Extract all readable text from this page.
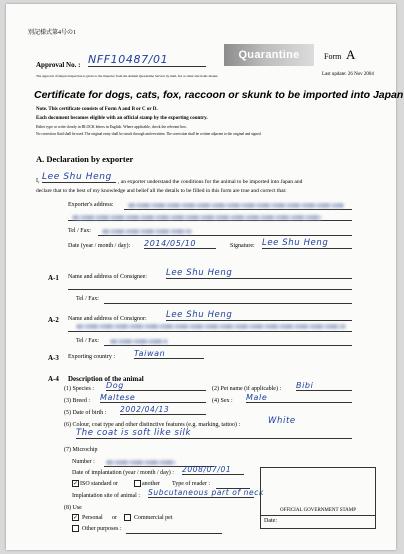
別記様式第4号の1
Approval No. : NFF10487/01
The approval of import inspection is given to the importer from the Animal Quarantine Service by mail, fax or other electronic means.
Quarantine	Form A
Last update: 26 Nov 2004
Certificate for dogs, cats, fox, raccoon or skunk to be imported into Japan
Note. This certificate consists of Form A and B or C or D.
Each document becomes eligible with an official stamp by the exporting country.
Either type or write clearly in BLOCK letters in English. Where applicable, check the relevant box.
No correction fluid shall be used. The original entry shall be struck through and rewritten. The correction shall be written adjacent to the original and signed.
A. Declaration by exporter
I, Lee Shu Heng	, an exporter understand the conditions for the animal to be imported into Japan and
declare that to the best of my knowledge and belief all the details to be filled in this form are true and correct that:
Exporter's address:
Tel / Fax:
Date (year / month / day): 2014/05/10	Signature: Lee Shu Heng
A-1 Name and address of Consignee: Lee Shu Heng
Tel / Fax:
A-2 Name and address of Consignor: Lee Shu Heng
Tel / Fax:
A-3 Exporting country : Taiwan
A-4 Description of the animal
(1) Species : Dog	(2) Pet name (if applicable) : Bibi
(3) Breed : Maltese	(4) Sex : Male
(5) Date of birth : 2002/04/13
(6) Colour, coat type and other distinctive features (e.g. marking, tattoo) :	White
The coat is soft like silk
(7) Microchip
Number :
Date of implantation (year / month / day) : 2008/07/01
✓ ISO standard or	another Type of reader :
Implantation site of animal : Subcutaneous part of neck
(8) Use
✓ Personal or	Commercial pet
Other purposes :
OFFICIAL GOVERNMENT STAMP
Date:
